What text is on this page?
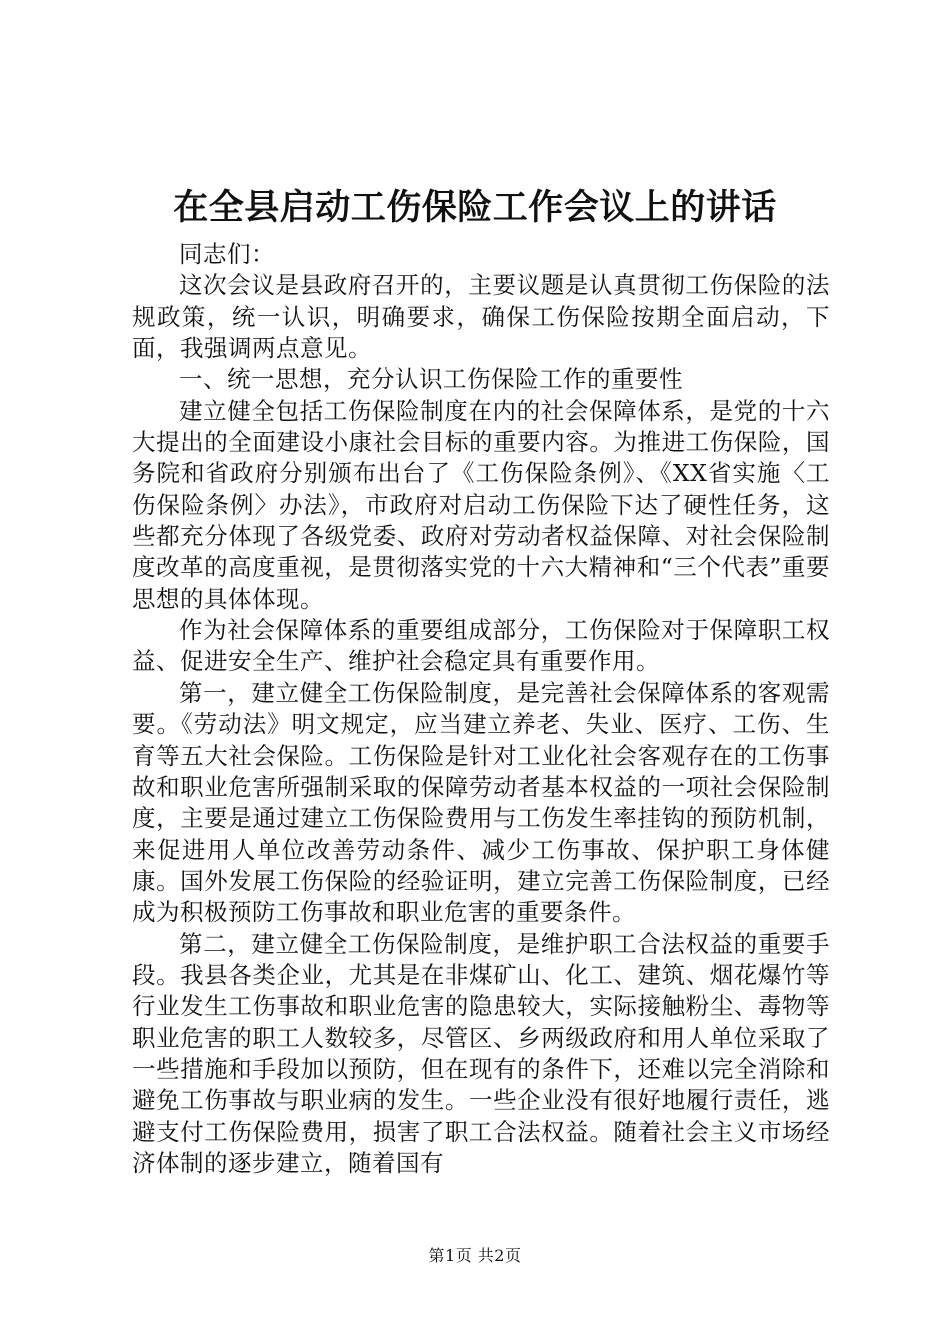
在全县启动工伤保险工作会议上的讲话

同志们：

这次会议是县政府召开的，主要议题是认真贯彻工伤保险的法规政策，统一认识，明确要求，确保工伤保险按期全面启动，下面，我强调两点意见。

一、统一思想，充分认识工伤保险工作的重要性

建立健全包括工伤保险制度在内的社会保障体系，是党的十六大提出的全面建设小康社会目标的重要内容。为推进工伤保险，国务院和省政府分别颁布出台了《工伤保险条例》、《XX省实施〈工伤保险条例〉办法》，市政府对启动工伤保险下达了硬性任务，这些都充分体现了各级党委、政府对劳动者权益保障、对社会保险制度改革的高度重视，是贯彻落实党的十六大精神和“三个代表”重要思想的具体体现。

作为社会保障体系的重要组成部分，工伤保险对于保障职工权益、促进安全生产、维护社会稳定具有重要作用。

第一，建立健全工伤保险制度，是完善社会保障体系的客观需要。《劳动法》明文规定，应当建立养老、失业、医疗、工伤、生育等五大社会保险。工伤保险是针对工业化社会客观存在的工伤事故和职业危害所强制采取的保障劳动者基本权益的一项社会保险制度，主要是通过建立工伤保险费用与工伤发生率挂钩的预防机制，来促进用人单位改善劳动条件、减少工伤事故、保护职工身体健康。国外发展工伤保险的经验证明，建立完善工伤保险制度，已经成为积极预防工伤事故和职业危害的重要条件。

第二，建立健全工伤保险制度，是维护职工合法权益的重要手段。我县各类企业，尤其是在非煤矿山、化工、建筑、烟花爆竹等行业发生工伤事故和职业危害的隐患较大，实际接触粉尘、毒物等职业危害的职工人数较多，尽管区、乡两级政府和用人单位采取了一些措施和手段加以预防，但在现有的条件下，还难以完全消除和避免工伤事故与职业病的发生。一些企业没有很好地履行责任，逃避支付工伤保险费用，损害了职工合法权益。随着社会主义市场经济体制的逐步建立，随着国有

第1页 共2页
